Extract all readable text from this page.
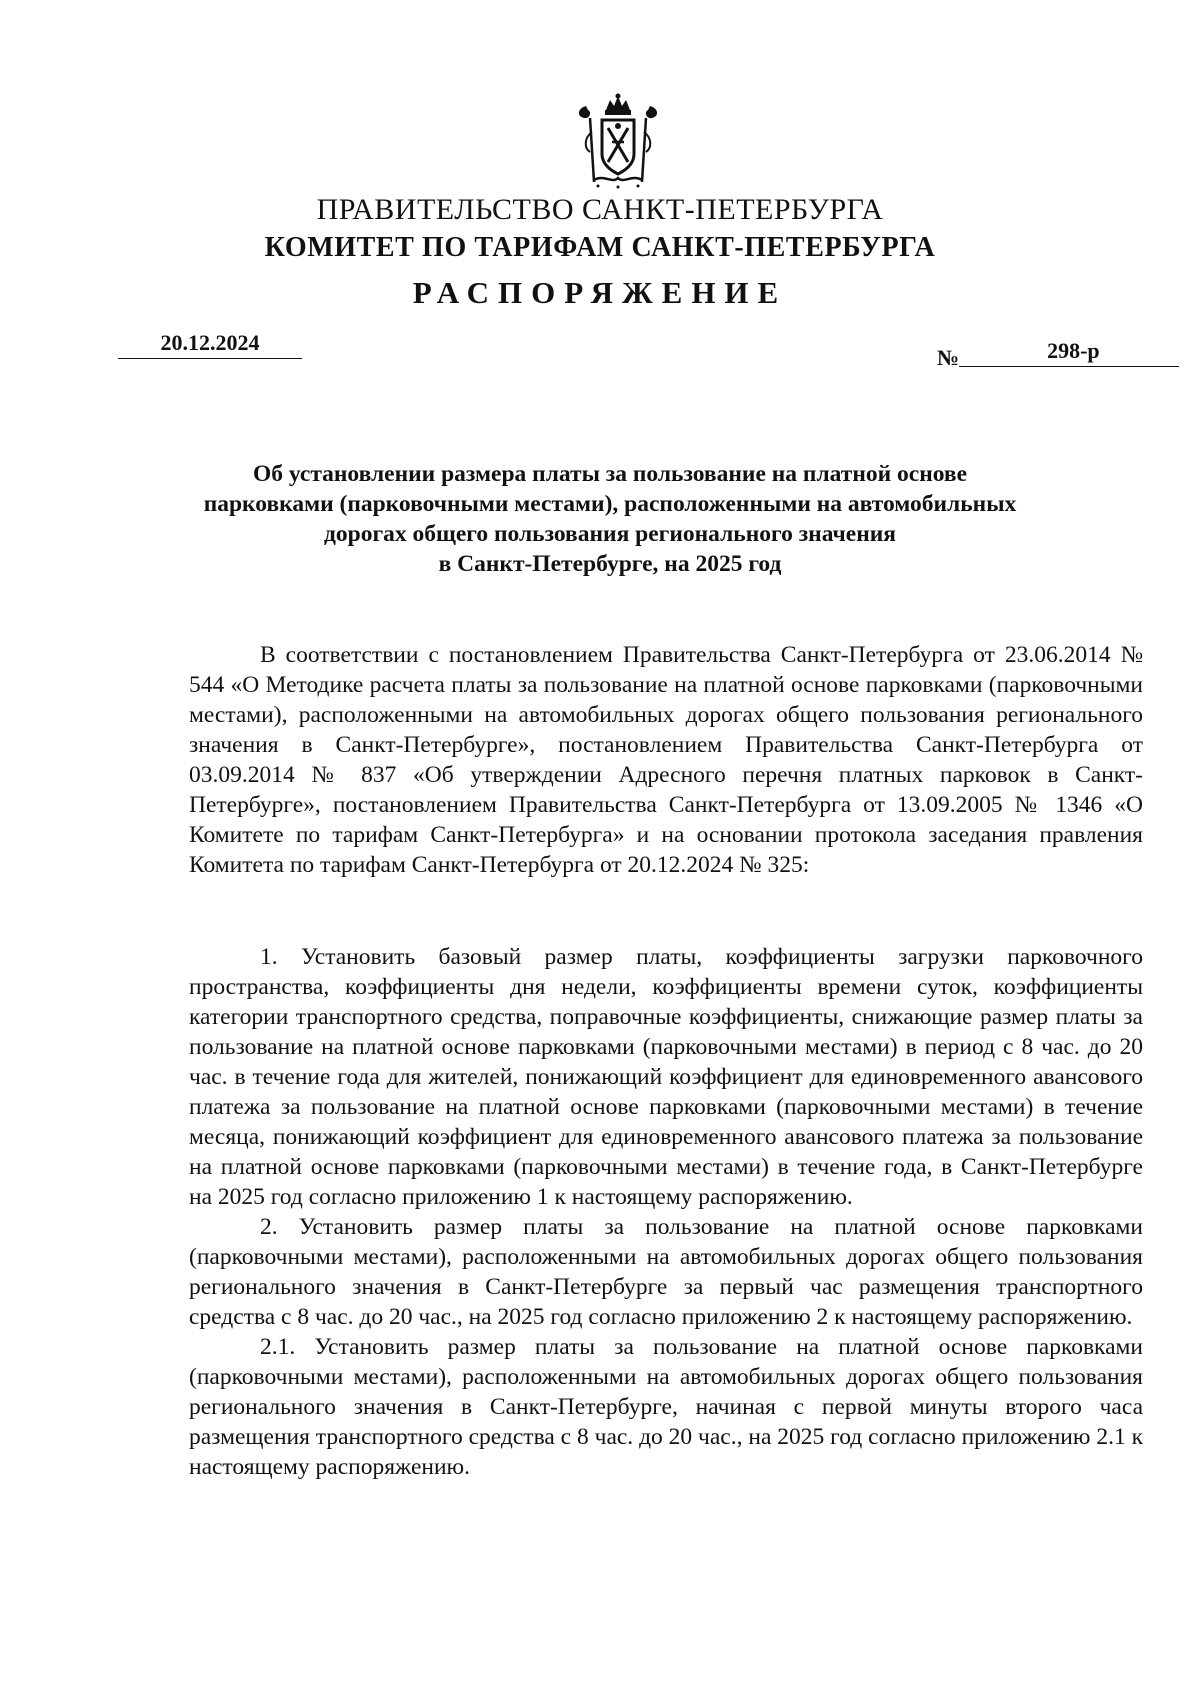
ПРАВИТЕЛЬСТВО САНКТ-ПЕТЕРБУРГА
КОМИТЕТ ПО ТАРИФАМ САНКТ-ПЕТЕРБУРГА
РАСПОРЯЖЕНИЕ
20.12.2024
№	298-р
Об установлении размера платы за пользование на платной основе
парковками (парковочными местами), расположенными на автомобильных
дорогах общего пользования регионального значения
в Санкт-Петербурге, на 2025 год

В соответствии с постановлением Правительства Санкт-Петербурга от 23.06.2014 № 544 «О Методике расчета платы за пользование на платной основе парковками (парковочными местами), расположенными на автомобильных дорогах общего пользования регионального значения в Санкт-Петербурге», постановлением Правительства Санкт-Петербурга от 03.09.2014 № 837 «Об утверждении Адресного перечня платных парковок в Санкт-Петербурге», постановлением Правительства Санкт-Петербурга от 13.09.2005 № 1346 «О Комитете по тарифам Санкт-Петербурга» и на основании протокола заседания правления Комитета по тарифам Санкт-Петербурга от 20.12.2024 № 325:

1. Установить базовый размер платы, коэффициенты загрузки парковочного пространства, коэффициенты дня недели, коэффициенты времени суток, коэффициенты категории транспортного средства, поправочные коэффициенты, снижающие размер платы за пользование на платной основе парковками (парковочными местами) в период с 8 час. до 20 час. в течение года для жителей, понижающий коэффициент для единовременного авансового платежа за пользование на платной основе парковками (парковочными местами) в течение месяца, понижающий коэффициент для единовременного авансового платежа за пользование на платной основе парковками (парковочными местами) в течение года, в Санкт-Петербурге на 2025 год согласно приложению 1 к настоящему распоряжению.

2. Установить размер платы за пользование на платной основе парковками (парковочными местами), расположенными на автомобильных дорогах общего пользования регионального значения в Санкт-Петербурге за первый час размещения транспортного средства с 8 час. до 20 час., на 2025 год согласно приложению 2 к настоящему распоряжению.

2.1. Установить размер платы за пользование на платной основе парковками (парковочными местами), расположенными на автомобильных дорогах общего пользования регионального значения в Санкт-Петербурге, начиная с первой минуты второго часа размещения транспортного средства с 8 час. до 20 час., на 2025 год согласно приложению 2.1 к настоящему распоряжению.
